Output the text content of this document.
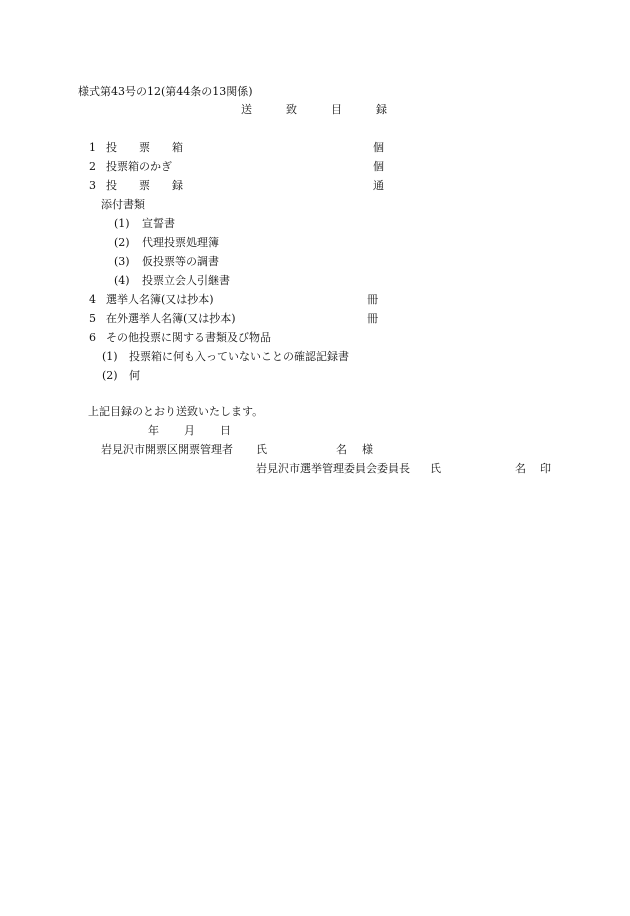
様式第43号の12(第44条の13関係)
送	致	目	録
1 投　　票　　箱	個
2 投票箱のかぎ	個
3 投　　票　　録	通
添付書類
(1) 宣誓書
(2) 代理投票処理簿
(3) 仮投票等の調書
(4) 投票立会人引継書
4 選挙人名簿(又は抄本)	冊
5 在外選挙人名簿(又は抄本)	冊
6 その他投票に関する書類及び物品
(1) 投票箱に何も入っていないことの確認記録書
(2) 何
上記目録のとおり送致いたします。
年 月 日
岩見沢市開票区開票管理者 氏	名 様
岩見沢市選挙管理委員会委員長 氏	名 印
